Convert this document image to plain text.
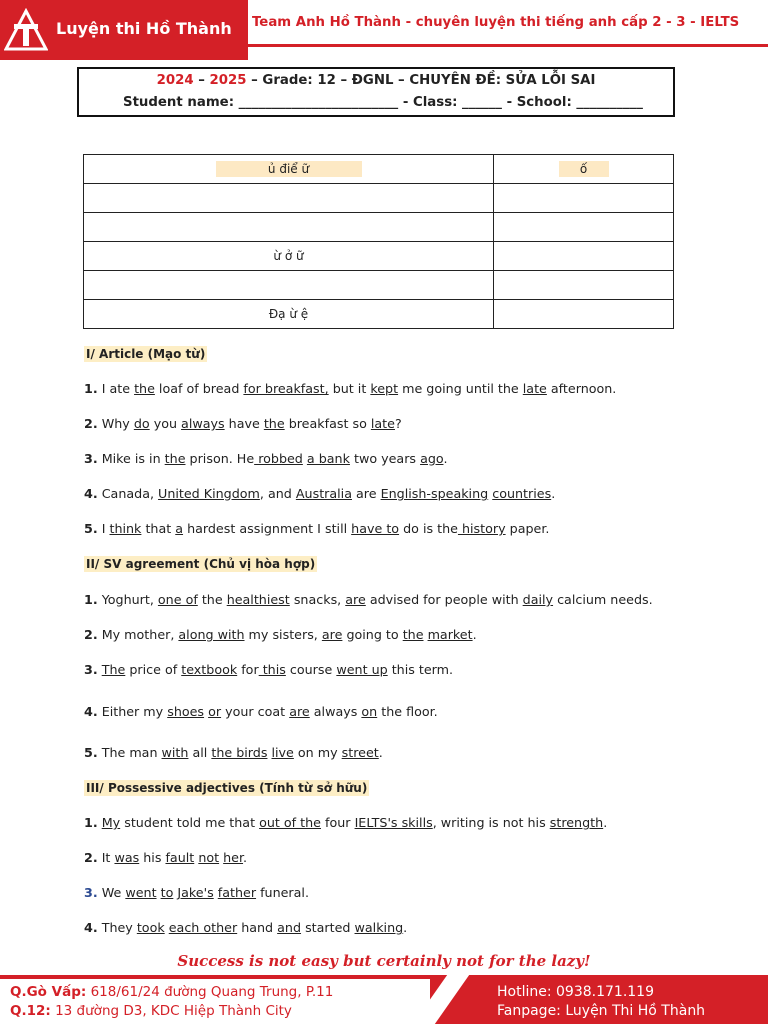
Luyện thi Hồ Thành Team Anh Hồ Thành - chuyên luyện thi tiếng anh cấp 2 - 3 - IELTS
2024 – 2025 – Grade: 12 – ĐGNL – CHUYÊN ĐỀ: SỬA LỖI SAI
Student name: ________________________ - Class: ______ - School: __________
ủ điể ữ	ố

ừ ở ữ	

Đạ ừ ệ	
I/ Article (Mạo từ)
1. I ate the loaf of bread for breakfast, but it kept me going until the late afternoon.
2. Why do you always have the breakfast so late?
3. Mike is in the prison. He robbed a bank two years ago.
4. Canada, United Kingdom, and Australia are English-speaking countries.
5. I think that a hardest assignment I still have to do is the history paper.
II/ SV agreement (Chủ vị hòa hợp)
1. Yoghurt, one of the healthiest snacks, are advised for people with daily calcium needs.
2. My mother, along with my sisters, are going to the market.
3. The price of textbook for this course went up this term.
4. Either my shoes or your coat are always on the floor.
5. The man with all the birds live on my street.
III/ Possessive adjectives (Tính từ sở hữu)
1. My student told me that out of the four IELTS's skills, writing is not his strength.
2. It was his fault not her.
3. We went to Jake's father funeral.
4. They took each other hand and started walking.
Success is not easy but certainly not for the lazy!
Q.Gò Vấp: 618/61/24 đường Quang Trung, P.11
Q.12: 13 đường D3, KDC Hiệp Thành City
Hotline: 0938.171.119
Fanpage: Luyện Thi Hồ Thành
